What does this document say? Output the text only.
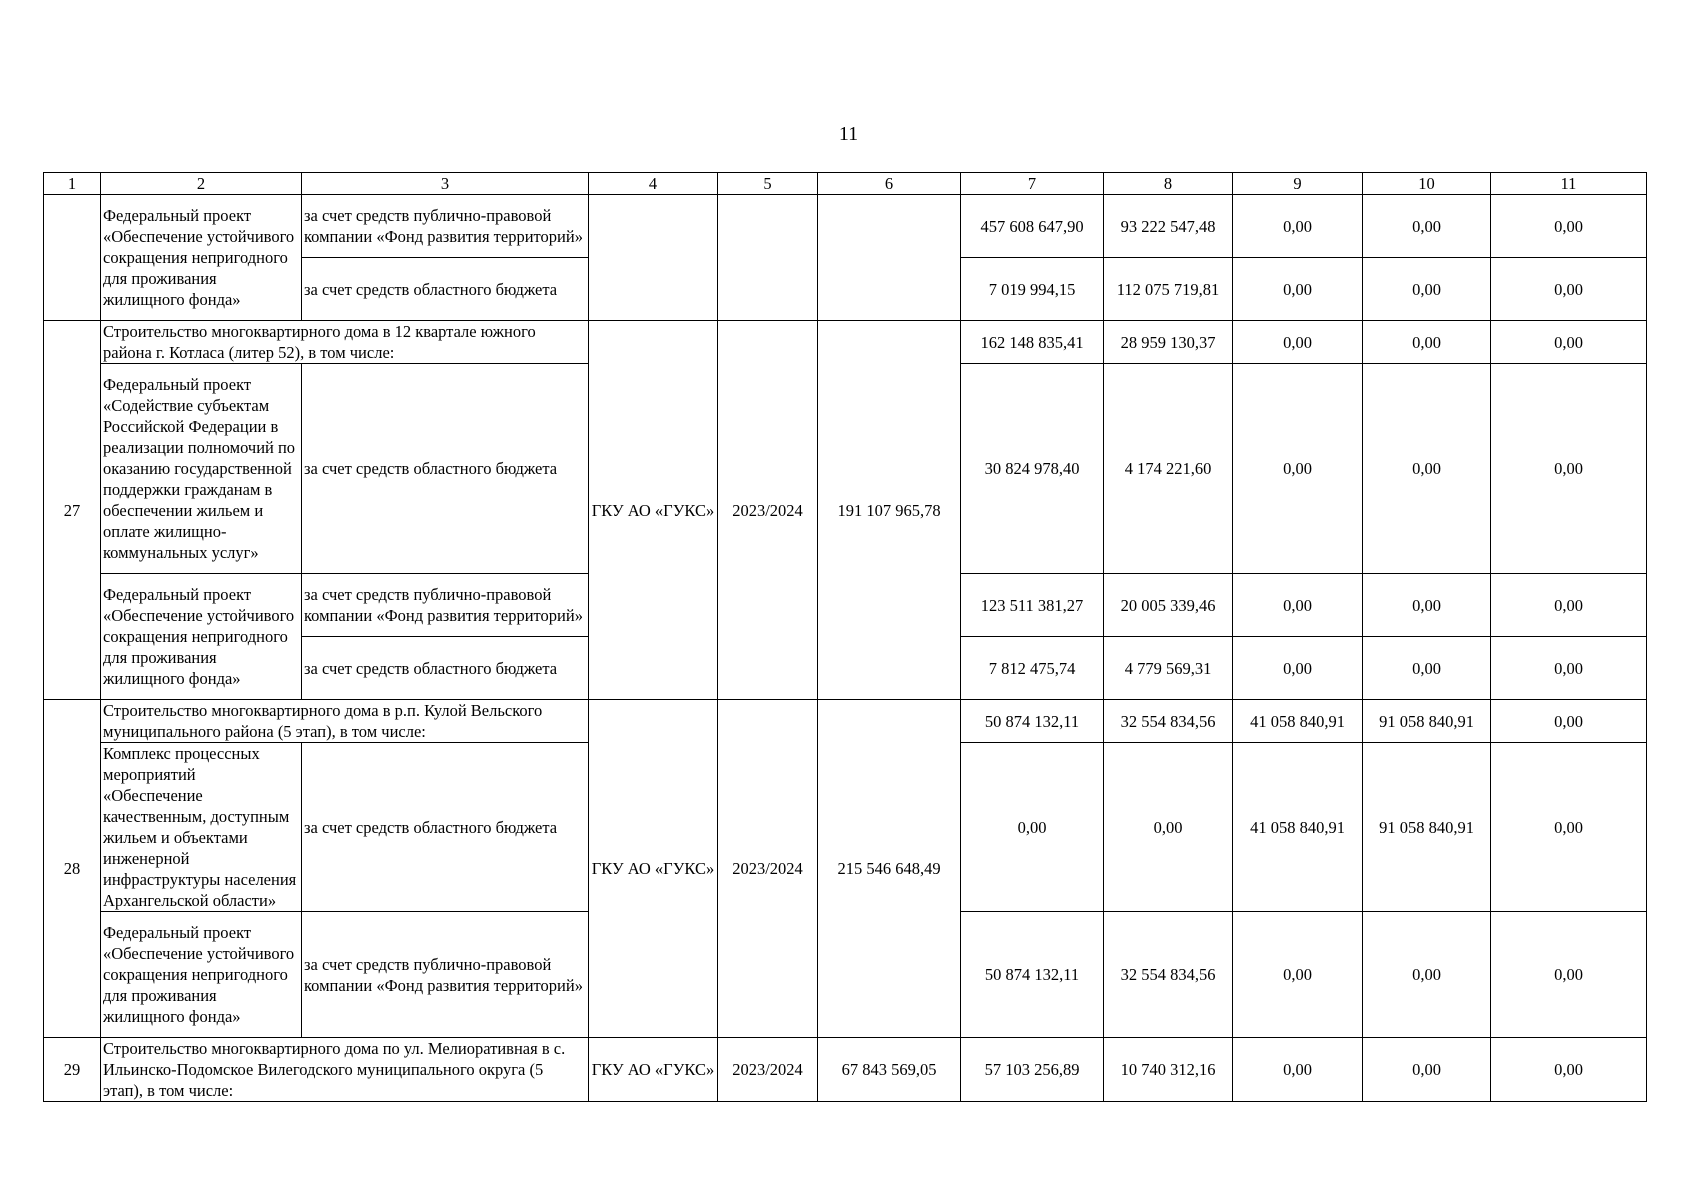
11
1	2	3	4	5	6	7	8	9	10	11
	Федеральный проект «Обеспечение устойчивого сокращения непригодного для проживания жилищного фонда»	за счет средств публично-правовой компании «Фонд развития территорий»				457 608 647,90	93 222 547,48	0,00	0,00	0,00
		за счет средств областного бюджета				7 019 994,15	112 075 719,81	0,00	0,00	0,00
27	Строительство многоквартирного дома в 12 квартале южного района г. Котласа (литер 52), в том числе:		ГКУ АО «ГУКС»	2023/2024	191 107 965,78	162 148 835,41	28 959 130,37	0,00	0,00	0,00
	Федеральный проект «Содействие субъектам Российской Федерации в реализации полномочий по оказанию государственной поддержки гражданам в обеспечении жильем и оплате жилищно-коммунальных услуг»	за счет средств областного бюджета				30 824 978,40	4 174 221,60	0,00	0,00	0,00
	Федеральный проект «Обеспечение устойчивого сокращения непригодного для проживания жилищного фонда»	за счет средств публично-правовой компании «Фонд развития территорий»				123 511 381,27	20 005 339,46	0,00	0,00	0,00
		за счет средств областного бюджета				7 812 475,74	4 779 569,31	0,00	0,00	0,00
28	Строительство многоквартирного дома в р.п. Кулой Вельского муниципального района (5 этап), в том числе:		ГКУ АО «ГУКС»	2023/2024	215 546 648,49	50 874 132,11	32 554 834,56	41 058 840,91	91 058 840,91	0,00
	Комплекс процессных мероприятий «Обеспечение качественным, доступным жильем и объектами инженерной инфраструктуры населения Архангельской области»	за счет средств областного бюджета				0,00	0,00	41 058 840,91	91 058 840,91	0,00
	Федеральный проект «Обеспечение устойчивого сокращения непригодного для проживания жилищного фонда»	за счет средств публично-правовой компании «Фонд развития территорий»				50 874 132,11	32 554 834,56	0,00	0,00	0,00
29	Строительство многоквартирного дома по ул. Мелиоративная в с. Ильинско-Подомское Вилегодского муниципального округа (5 этап), в том числе:		ГКУ АО «ГУКС»	2023/2024	67 843 569,05	57 103 256,89	10 740 312,16	0,00	0,00	0,00
